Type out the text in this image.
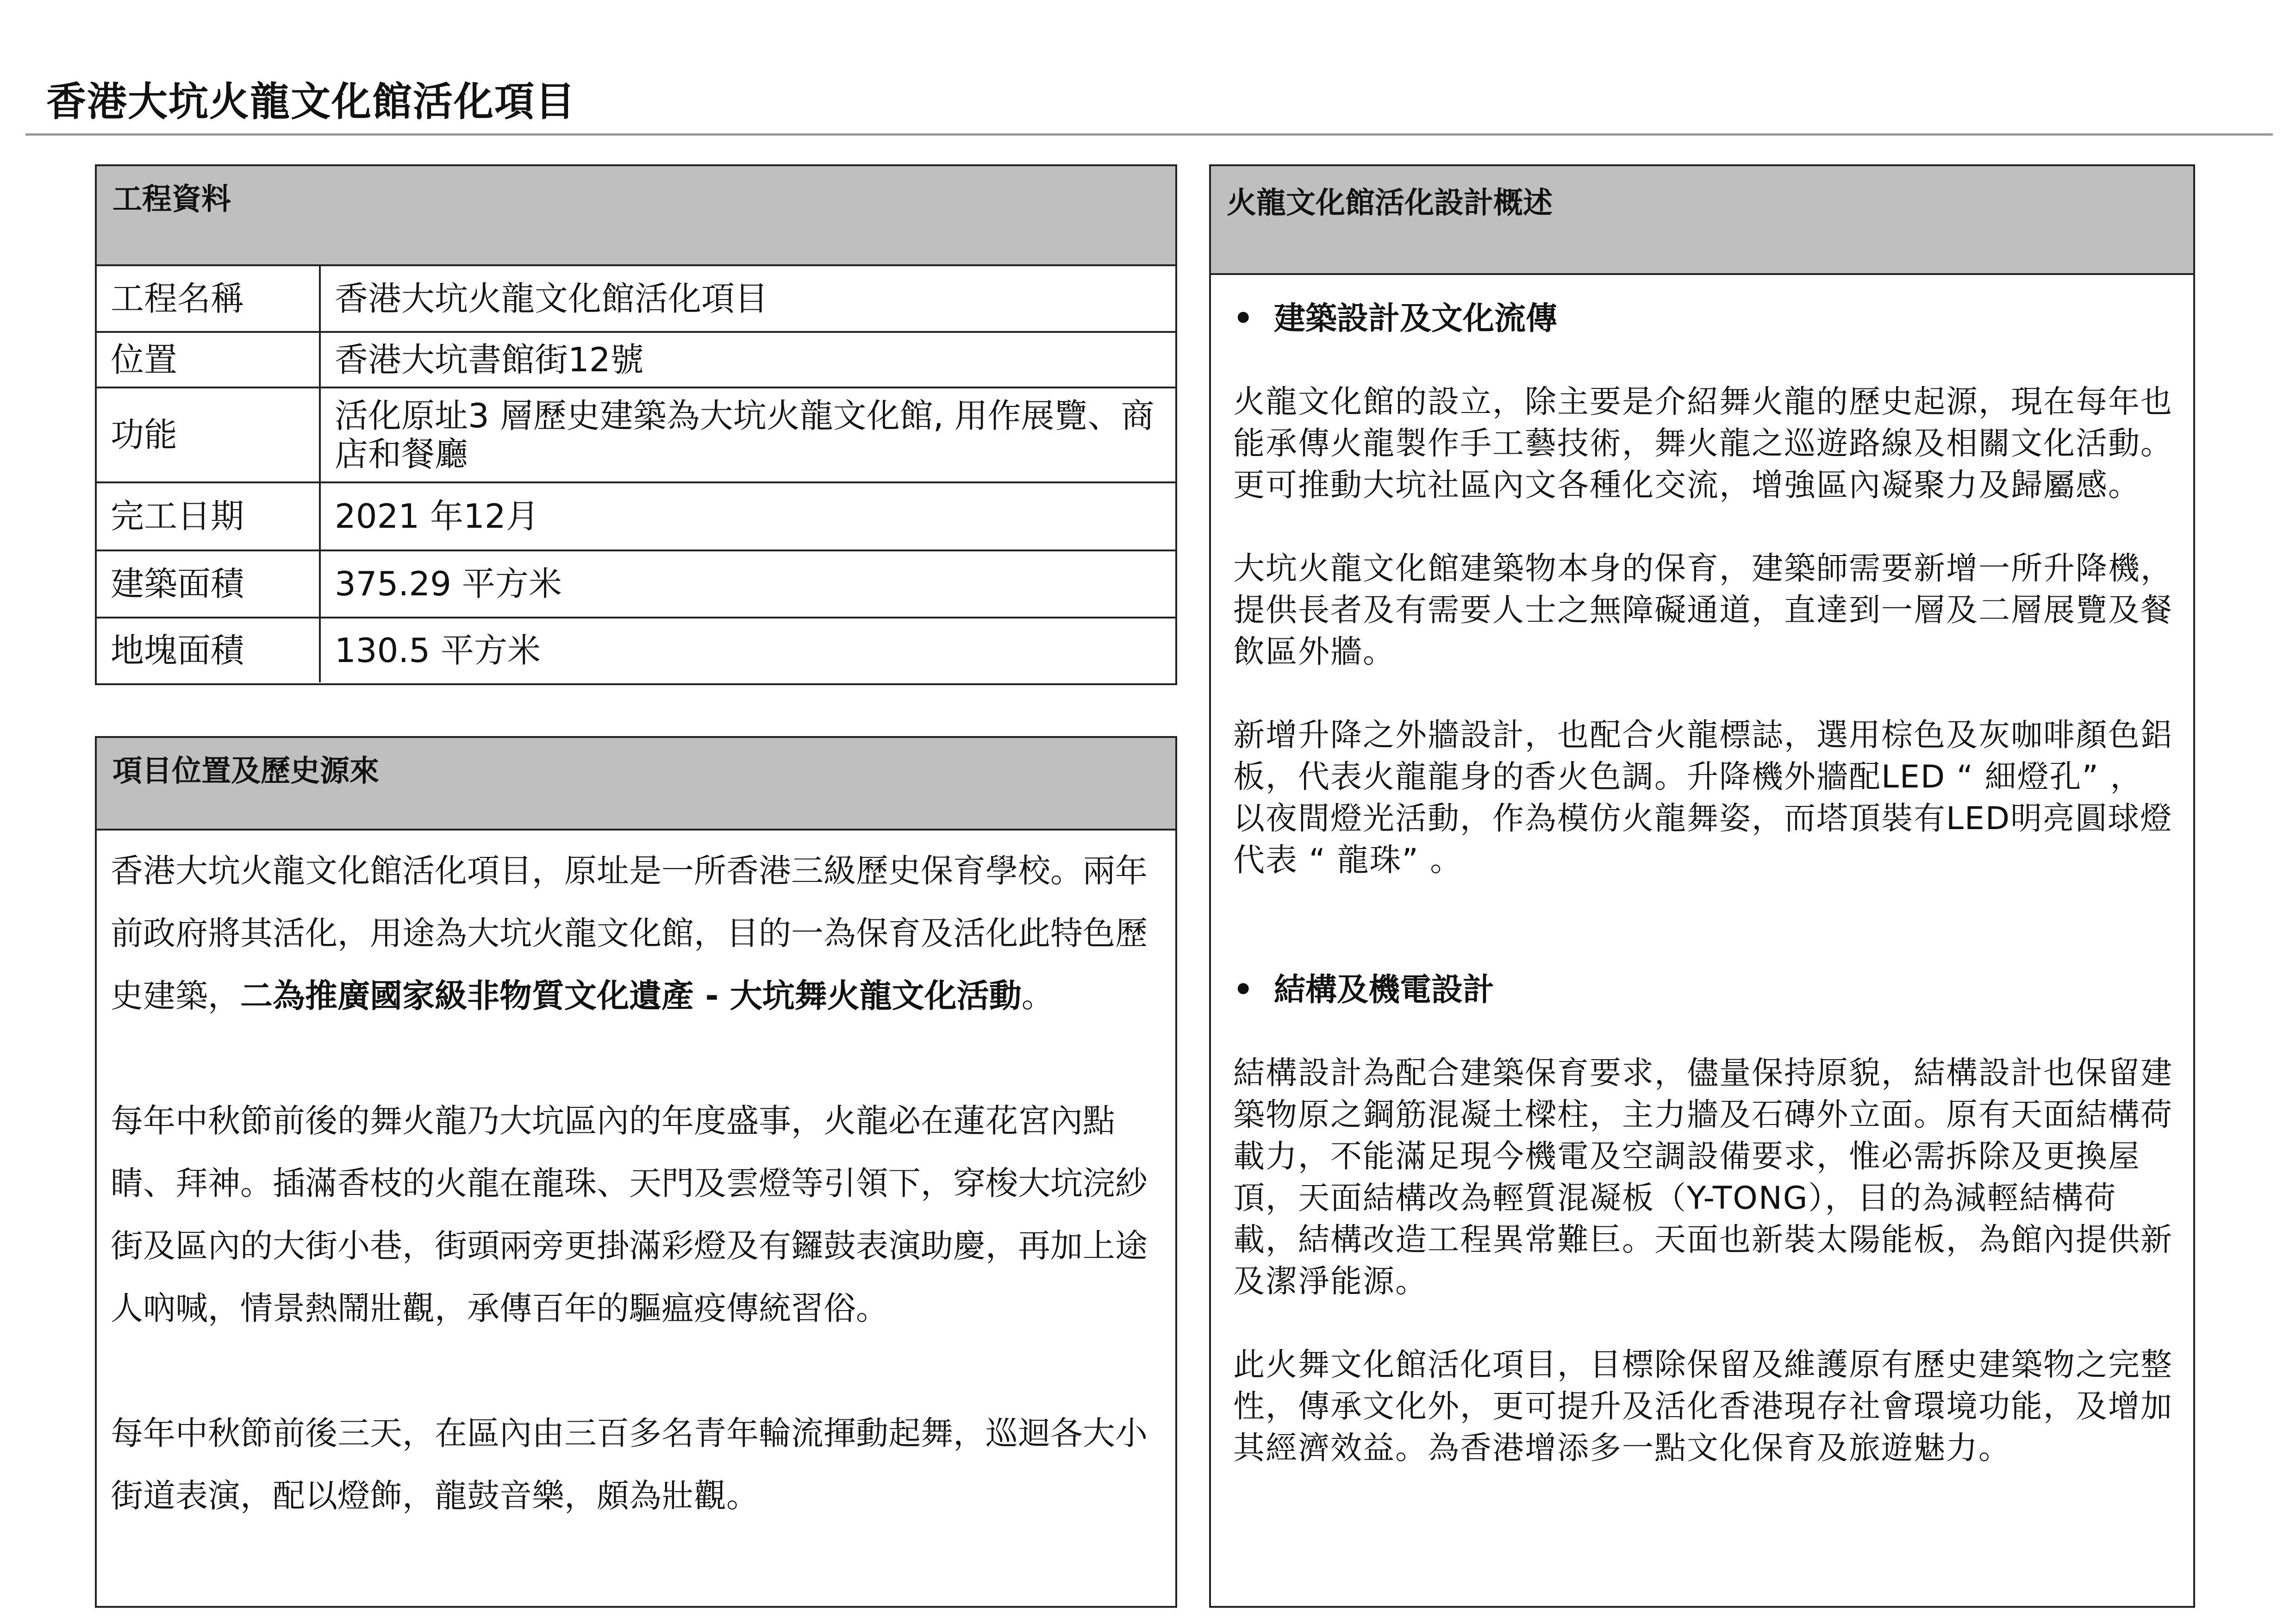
香港大坑火龍文化館活化項目
工程資料
工程名稱	香港大坑火龍文化館活化項目
位置	香港大坑書館街12號
功能	活化原址3 層歷史建築為大坑火龍文化館, 用作展覽、商店和餐廳
完工日期	2021 年12月
建築面積	375.29 平方米
地塊面積	130.5 平方米
項目位置及歷史源來

香港大坑火龍文化館活化項目，原址是一所香港三級歷史保育學校。兩年前政府將其活化，用途為大坑火龍文化館，目的一為保育及活化此特色歷史建築，二為推廣國家級非物質文化遺產 - 大坑舞火龍文化活動。

每年中秋節前後的舞火龍乃大坑區內的年度盛事，火龍必在蓮花宮內點睛、拜神。插滿香枝的火龍在龍珠、天門及雲燈等引領下，穿梭大坑浣紗街及區內的大街小巷，街頭兩旁更掛滿彩燈及有鑼鼓表演助慶，再加上途人吶喊，情景熱鬧壯觀，承傳百年的驅瘟疫傳統習俗。

每年中秋節前後三天，在區內由三百多名青年輪流揮動起舞，巡迴各大小街道表演，配以燈飾，龍鼓音樂，頗為壯觀。

火龍文化館活化設計概述
• 建築設計及文化流傳

火龍文化館的設立，除主要是介紹舞火龍的歷史起源，現在每年也能承傳火龍製作手工藝技術，舞火龍之巡遊路線及相關文化活動。更可推動大坑社區內文各種化交流，增強區內凝聚力及歸屬感。

大坑火龍文化館建築物本身的保育，建築師需要新增一所升降機，提供長者及有需要人士之無障礙通道，直達到一層及二層展覽及餐飲區外牆。

新增升降之外牆設計，也配合火龍標誌，選用棕色及灰咖啡顏色鋁板，代表火龍龍身的香火色調。升降機外牆配LED “ 細燈孔” ，以夜間燈光活動，作為模仿火龍舞姿，而塔頂裝有LED明亮圓球燈代表 “ 龍珠” 。

• 結構及機電設計

結構設計為配合建築保育要求，儘量保持原貌，結構設計也保留建築物原之鋼筋混凝土樑柱，主力牆及石磚外立面。原有天面結構荷載力，不能滿足現今機電及空調設備要求，惟必需拆除及更換屋頂，天面結構改為輕質混凝板（Y-TONG），目的為減輕結構荷載，結構改造工程異常難巨。天面也新裝太陽能板，為館內提供新及潔淨能源。

此火舞文化館活化項目，目標除保留及維護原有歷史建築物之完整性，傳承文化外，更可提升及活化香港現存社會環境功能，及增加其經濟效益。為香港增添多一點文化保育及旅遊魅力。
